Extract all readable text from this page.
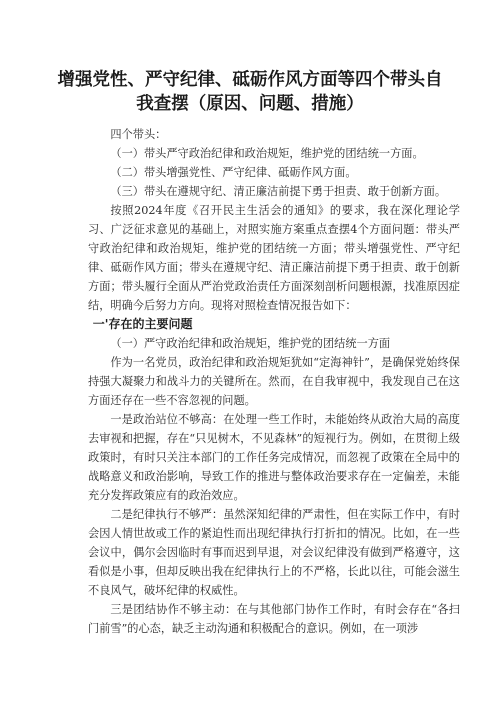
增强党性、严守纪律、砥砺作风方面等四个带头自我查摆（原因、问题、措施）

四个带头：

（一）带头严守政治纪律和政治规矩，维护党的团结统一方面。

（二）带头增强党性、严守纪律、砥砺作风方面。

（三）带头在遵规守纪、清正廉洁前提下勇于担责、敢于创新方面。

按照2024年度《召开民主生活会的通知》的要求，我在深化理论学习、广泛征求意见的基础上，对照实施方案重点查摆4个方面问题：带头严守政治纪律和政治规矩，维护党的团结统一方面；带头增强党性、严守纪律、砥砺作风方面；带头在遵规守纪、清正廉洁前提下勇于担责、敢于创新方面；带头履行全面从严治党政治责任方面深刻剖析问题根源，找准原因症结，明确今后努力方向。现将对照检查情况报告如下：

一'存在的主要问题

（一）严守政治纪律和政治规矩，维护党的团结统一方面

作为一名党员，政治纪律和政治规矩犹如“定海神针”，是确保党始终保持强大凝聚力和战斗力的关键所在。然而，在自我审视中，我发现自己在这方面还存在一些不容忽视的问题。

一是政治站位不够高：在处理一些工作时，未能始终从政治大局的高度去审视和把握，存在“只见树木，不见森林”的短视行为。例如，在贯彻上级政策时，有时只关注本部门的工作任务完成情况，而忽视了政策在全局中的战略意义和政治影响，导致工作的推进与整体政治要求存在一定偏差，未能充分发挥政策应有的政治效应。

二是纪律执行不够严：虽然深知纪律的严肃性，但在实际工作中，有时会因人情世故或工作的紧迫性而出现纪律执行打折扣的情况。比如，在一些会议中，偶尔会因临时有事而迟到早退，对会议纪律没有做到严格遵守，这看似是小事，但却反映出我在纪律执行上的不严格，长此以往，可能会滋生不良风气，破坏纪律的权威性。

三是团结协作不够主动：在与其他部门协作工作时，有时会存在“各扫门前雪”的心态，缺乏主动沟通和积极配合的意识。例如，在一项涉
